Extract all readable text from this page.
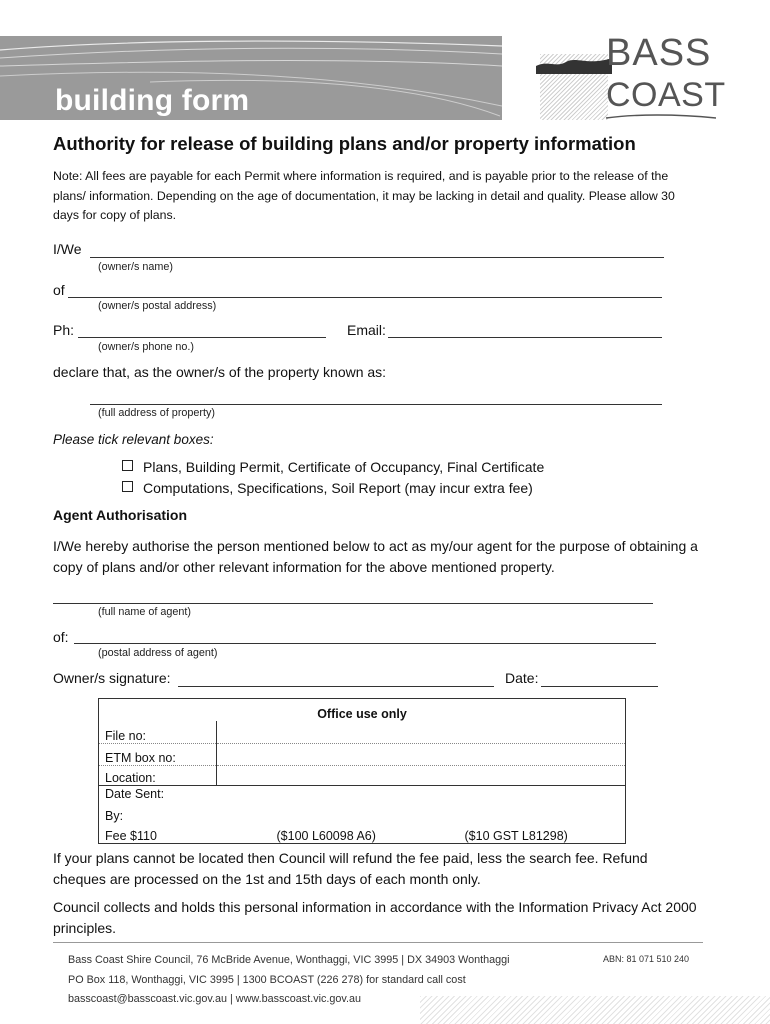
building form
BASS
COAST
Authority for release of building plans and/or property information
Note: All fees are payable for each Permit where information is required, and is payable prior to the release of the plans/ information. Depending on the age of documentation, it may be lacking in detail and quality. Please allow 30 days for copy of plans.
I/We
(owner/s name)
of
(owner/s postal address)
Ph:	Email:
(owner/s phone no.)
declare that, as the owner/s of the property known as:
(full address of property)
Please tick relevant boxes:
Plans, Building Permit, Certificate of Occupancy, Final Certificate
Computations, Specifications, Soil Report (may incur extra fee)
Agent Authorisation
I/We hereby authorise the person mentioned below to act as my/our agent for the purpose of obtaining a copy of plans and/or other relevant information for the above mentioned property.
(full name of agent)
of:
(postal address of agent)
Owner/s signature:	Date:
Office use only	
File no:	
ETM box no:	
Location:	
Date Sent:	
By:	
Fee $110 ($100 L60098 A6) ($10 GST L81298)	
If your plans cannot be located then Council will refund the fee paid, less the search fee. Refund cheques are processed on the 1st and 15th days of each month only.
Council collects and holds this personal information in accordance with the Information Privacy Act 2000 principles.
Bass Coast Shire Council, 76 McBride Avenue, Wonthaggi, VIC 3995 | DX 34903 Wonthaggi	ABN: 81 071 510 240
PO Box 118, Wonthaggi, VIC 3995 | 1300 BCOAST (226 278) for standard call cost
basscoast@basscoast.vic.gov.au | www.basscoast.vic.gov.au
